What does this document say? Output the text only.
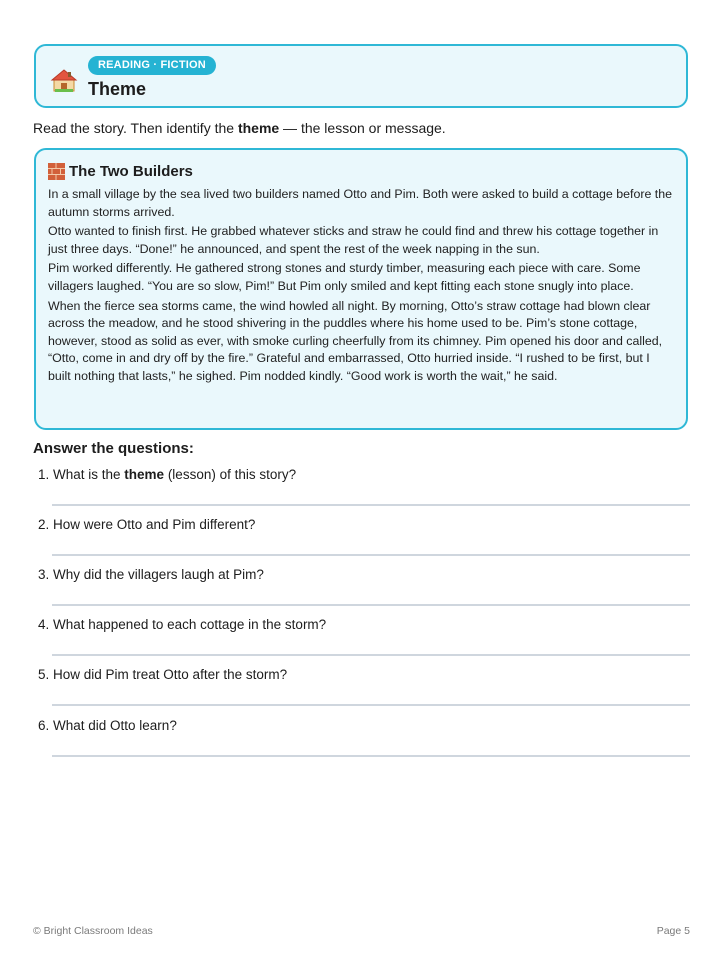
READING · FICTION
Theme
Read the story. Then identify the theme — the lesson or message.
The Two Builders

In a small village by the sea lived two builders named Otto and Pim. Both were asked to build a cottage before the autumn storms arrived.

Otto wanted to finish first. He grabbed whatever sticks and straw he could find and threw his cottage together in just three days. “Done!” he announced, and spent the rest of the week napping in the sun.

Pim worked differently. He gathered strong stones and sturdy timber, measuring each piece with care. Some villagers laughed. “You are so slow, Pim!” But Pim only smiled and kept fitting each stone snugly into place.

When the fierce sea storms came, the wind howled all night. By morning, Otto’s straw cottage had blown clear across the meadow, and he stood shivering in the puddles where his home used to be. Pim’s stone cottage, however, stood as solid as ever, with smoke curling cheerfully from its chimney. Pim opened his door and called, “Otto, come in and dry off by the fire.” Grateful and embarrassed, Otto hurried inside. “I rushed to be first, but I built nothing that lasts,” he sighed. Pim nodded kindly. “Good work is worth the wait,” he said.

Answer the questions:
1. What is the theme (lesson) of this story?
2. How were Otto and Pim different?
3. Why did the villagers laugh at Pim?
4. What happened to each cottage in the storm?
5. How did Pim treat Otto after the storm?
6. What did Otto learn?
© Bright Classroom Ideas	Page 5
